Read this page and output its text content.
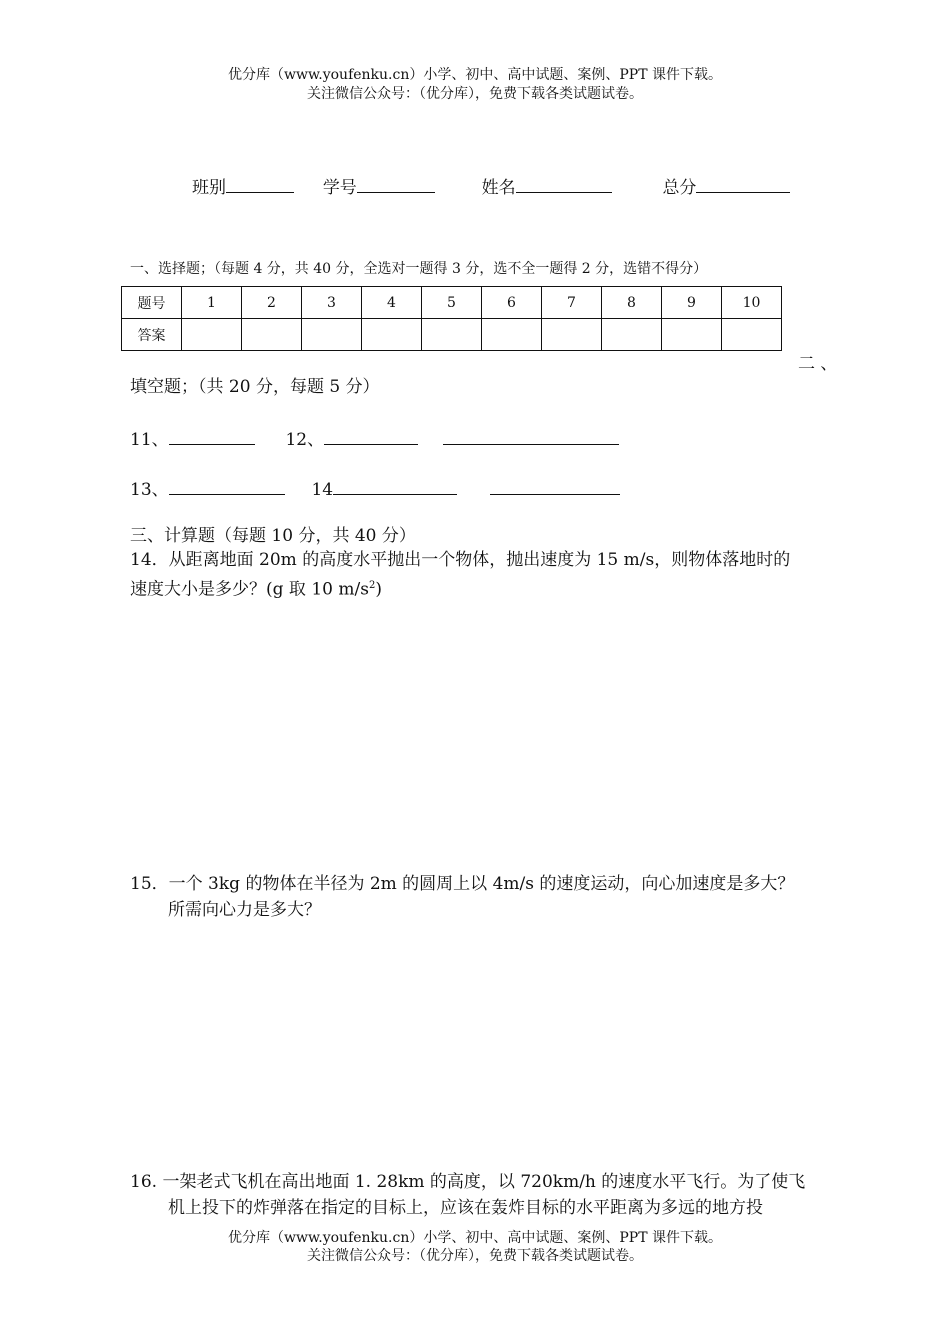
优分库（www.youfenku.cn）小学、初中、高中试题、案例、PPT 课件下载。
关注微信公众号：（优分库），免费下载各类试题试卷。
班别	学号	姓名	总分
一、选择题；（每题 4 分，共 40 分，全选对一题得 3 分，选不全一题得 2 分，选错不得分）
题号	1	2	3	4	5	6	7	8	9	10
答案										
二 、
填空题；（共 20 分，每题 5 分）
11、	12、
13、	14
三、计算题（每题 10 分，共 40 分）
14．从距离地面 20m 的高度水平抛出一个物体，抛出速度为 15 m/s，则物体落地时的
速度大小是多少？(g 取 10 $m/s^2$)
15．一个 3kg 的物体在半径为 2m 的圆周上以 4m/s 的速度运动，向心加速度是多大？
所需向心力是多大？
16. 一架老式飞机在高出地面 1. 28km 的高度，以 720km/h 的速度水平飞行。为了使飞
机上投下的炸弹落在指定的目标上，应该在轰炸目标的水平距离为多远的地方投
优分库（www.youfenku.cn）小学、初中、高中试题、案例、PPT 课件下载。
关注微信公众号：（优分库），免费下载各类试题试卷。
